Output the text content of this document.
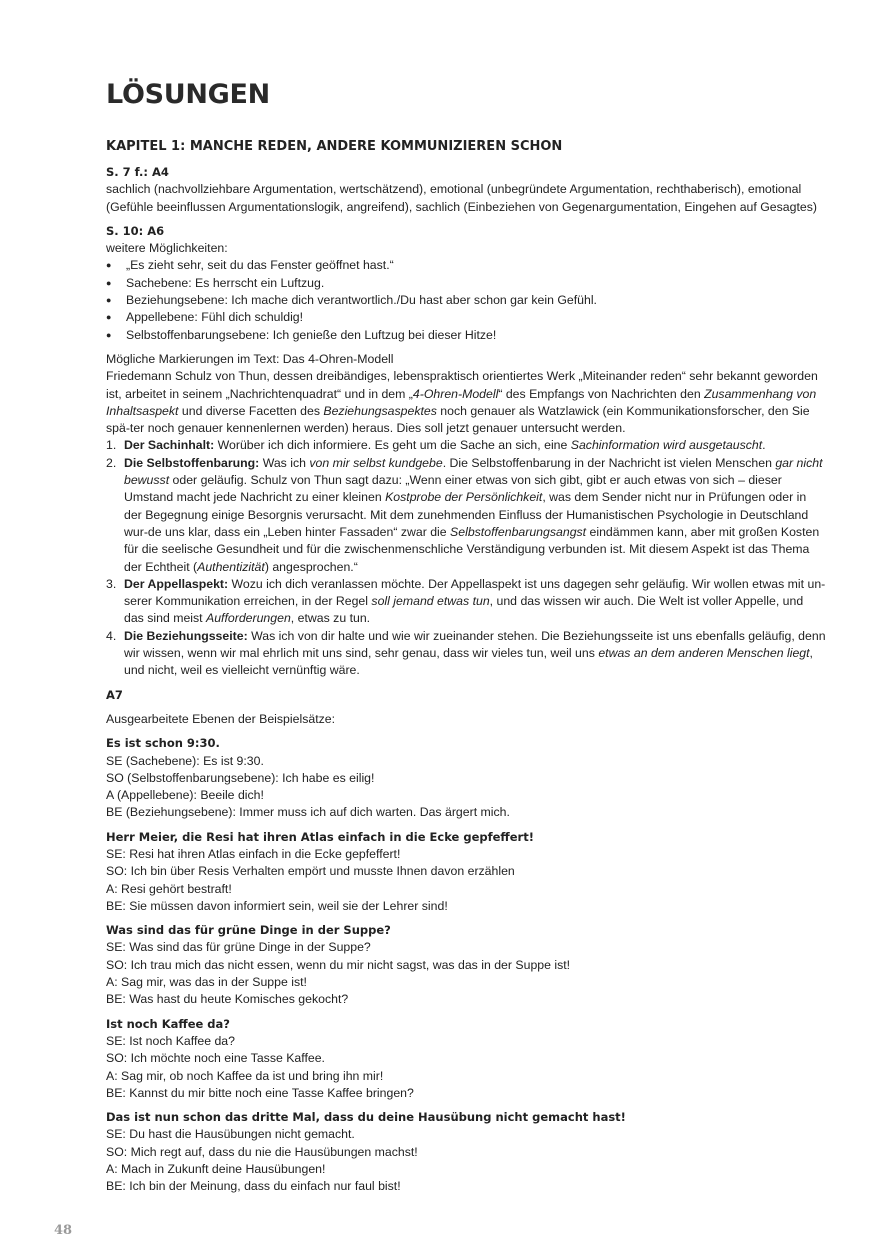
LÖSUNGEN
KAPITEL 1: MANCHE REDEN, ANDERE KOMMUNIZIEREN SCHON

S. 7 f.: A4

sachlich (nachvollziehbare Argumentation, wertschätzend), emotional (unbegründete Argumentation, rechthaberisch), emotional (Gefühle beeinflussen Argumentationslogik, angreifend), sachlich (Einbeziehen von Gegenargumentation, Eingehen auf Gesagtes)

S. 10: A6

weitere Möglichkeiten:

● „Es zieht sehr, seit du das Fenster geöffnet hast.“
● Sachebene: Es herrscht ein Luftzug.
● Beziehungsebene: Ich mache dich verantwortlich./Du hast aber schon gar kein Gefühl.
● Appellebene: Fühl dich schuldig!
● Selbstoffenbarungsebene: Ich genieße den Luftzug bei dieser Hitze!

Mögliche Markierungen im Text: Das 4-Ohren-Modell

Friedemann Schulz von Thun, dessen dreibändiges, lebenspraktisch orientiertes Werk „Miteinander reden“ sehr bekannt geworden ist, arbeitet in seinem „Nachrichtenquadrat“ und in dem „4-Ohren-Modell“ des Empfangs von Nachrichten den Zusammenhang von Inhaltsaspekt und diverse Facetten des Beziehungsaspektes noch genauer als Watzlawick (ein Kommunikationsforscher, den Sie spä-ter noch genauer kennenlernen werden) heraus. Dies soll jetzt genauer untersucht werden.

1. Der Sachinhalt: Worüber ich dich informiere. Es geht um die Sache an sich, eine Sachinformation wird ausgetauscht.
2. Die Selbstoffenbarung: Was ich von mir selbst kundgebe. Die Selbstoffenbarung in der Nachricht ist vielen Menschen gar nicht bewusst oder geläufig. Schulz von Thun sagt dazu: „Wenn einer etwas von sich gibt, gibt er auch etwas von sich – dieser Umstand macht jede Nachricht zu einer kleinen Kostprobe der Persönlichkeit, was dem Sender nicht nur in Prüfungen oder in der Begegnung einige Besorgnis verursacht. Mit dem zunehmenden Einfluss der Humanistischen Psychologie in Deutschland wur-de uns klar, dass ein „Leben hinter Fassaden“ zwar die Selbstoffenbarungsangst eindämmen kann, aber mit großen Kosten für die seelische Gesundheit und für die zwischenmenschliche Verständigung verbunden ist. Mit diesem Aspekt ist das Thema der Echtheit (Authentizität) angesprochen.“
3. Der Appellaspekt: Wozu ich dich veranlassen möchte. Der Appellaspekt ist uns dagegen sehr geläufig. Wir wollen etwas mit un-serer Kommunikation erreichen, in der Regel soll jemand etwas tun, und das wissen wir auch. Die Welt ist voller Appelle, und das sind meist Aufforderungen, etwas zu tun.
4. Die Beziehungsseite: Was ich von dir halte und wie wir zueinander stehen. Die Beziehungsseite ist uns ebenfalls geläufig, denn wir wissen, wenn wir mal ehrlich mit uns sind, sehr genau, dass wir vieles tun, weil uns etwas an dem anderen Menschen liegt, und nicht, weil es vielleicht vernünftig wäre.

A7

Ausgearbeitete Ebenen der Beispielsätze:

Es ist schon 9:30.
SE (Sachebene): Es ist 9:30.
SO (Selbstoffenbarungsebene): Ich habe es eilig!
A (Appellebene): Beeile dich!
BE (Beziehungsebene): Immer muss ich auf dich warten. Das ärgert mich.
Herr Meier, die Resi hat ihren Atlas einfach in die Ecke gepfeffert!
SE: Resi hat ihren Atlas einfach in die Ecke gepfeffert!
SO: Ich bin über Resis Verhalten empört und musste Ihnen davon erzählen
A: Resi gehört bestraft!
BE: Sie müssen davon informiert sein, weil sie der Lehrer sind!
Was sind das für grüne Dinge in der Suppe?
SE: Was sind das für grüne Dinge in der Suppe?
SO: Ich trau mich das nicht essen, wenn du mir nicht sagst, was das in der Suppe ist!
A: Sag mir, was das in der Suppe ist!
BE: Was hast du heute Komisches gekocht?
Ist noch Kaffee da?
SE: Ist noch Kaffee da?
SO: Ich möchte noch eine Tasse Kaffee.
A: Sag mir, ob noch Kaffee da ist und bring ihn mir!
BE: Kannst du mir bitte noch eine Tasse Kaffee bringen?
Das ist nun schon das dritte Mal, dass du deine Hausübung nicht gemacht hast!
SE: Du hast die Hausübungen nicht gemacht.
SO: Mich regt auf, dass du nie die Hausübungen machst!
A: Mach in Zukunft deine Hausübungen!
BE: Ich bin der Meinung, dass du einfach nur faul bist!
48
